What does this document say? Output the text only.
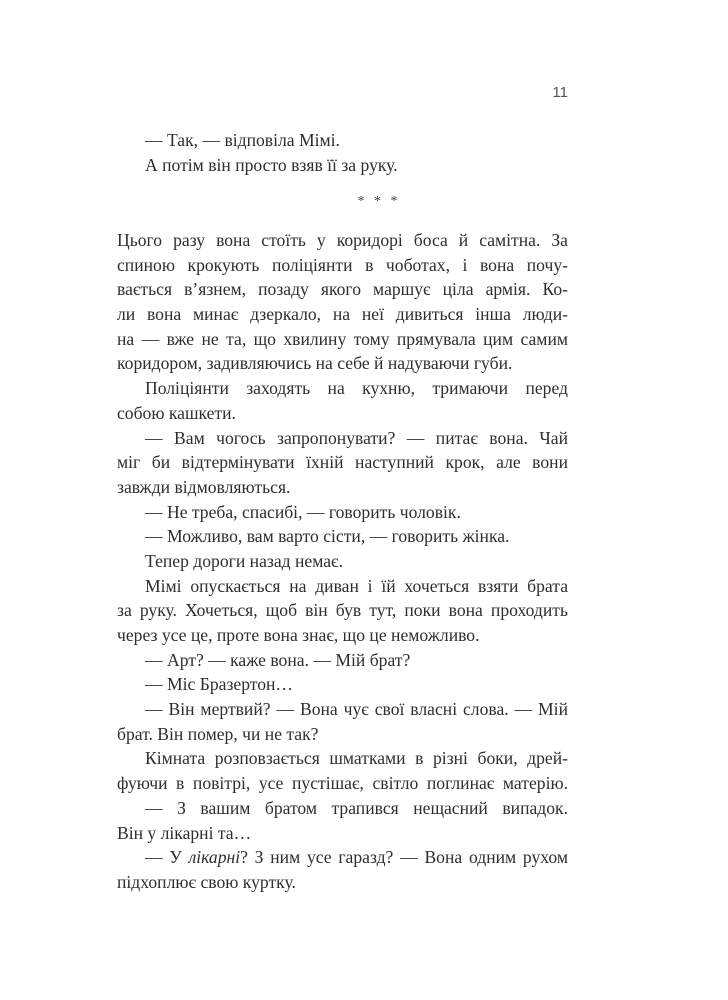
11
— Так, — відповіла Мімі.
А потім він просто взяв її за руку.
* * *
Цього разу вона стоїть у коридорі боса й самітна. За
спиною крокують поліціянти в чоботах, і вона почу-
вається в’язнем, позаду якого маршує ціла армія. Ко-
ли вона минає дзеркало, на неї дивиться інша люди-
на — вже не та, що хвилину тому прямувала цим самим
коридором, задивляючись на себе й надуваючи губи.
Поліціянти заходять на кухню, тримаючи перед
собою кашкети.
— Вам чогось запропонувати? — питає вона. Чай
міг би відтермінувати їхній наступний крок, але вони
завжди відмовляються.
— Не треба, спасибі, — говорить чоловік.
— Можливо, вам варто сісти, — говорить жінка.
Тепер дороги назад немає.
Мімі опускається на диван і їй хочеться взяти брата
за руку. Хочеться, щоб він був тут, поки вона проходить
через усе це, проте вона знає, що це неможливо.
— Арт? — каже вона. — Мій брат?
— Міс Бразертон…
— Він мертвий? — Вона чує свої власні слова. — Мій
брат. Він помер, чи не так?
Кімната розповзається шматками в різні боки, дрей-
фуючи в повітрі, усе пустішає, світло поглинає матерію.
— З вашим братом трапився нещасний випадок.
Він у лікарні та…
— У лікарні? З ним усе гаразд? — Вона одним рухом
підхоплює свою куртку.
